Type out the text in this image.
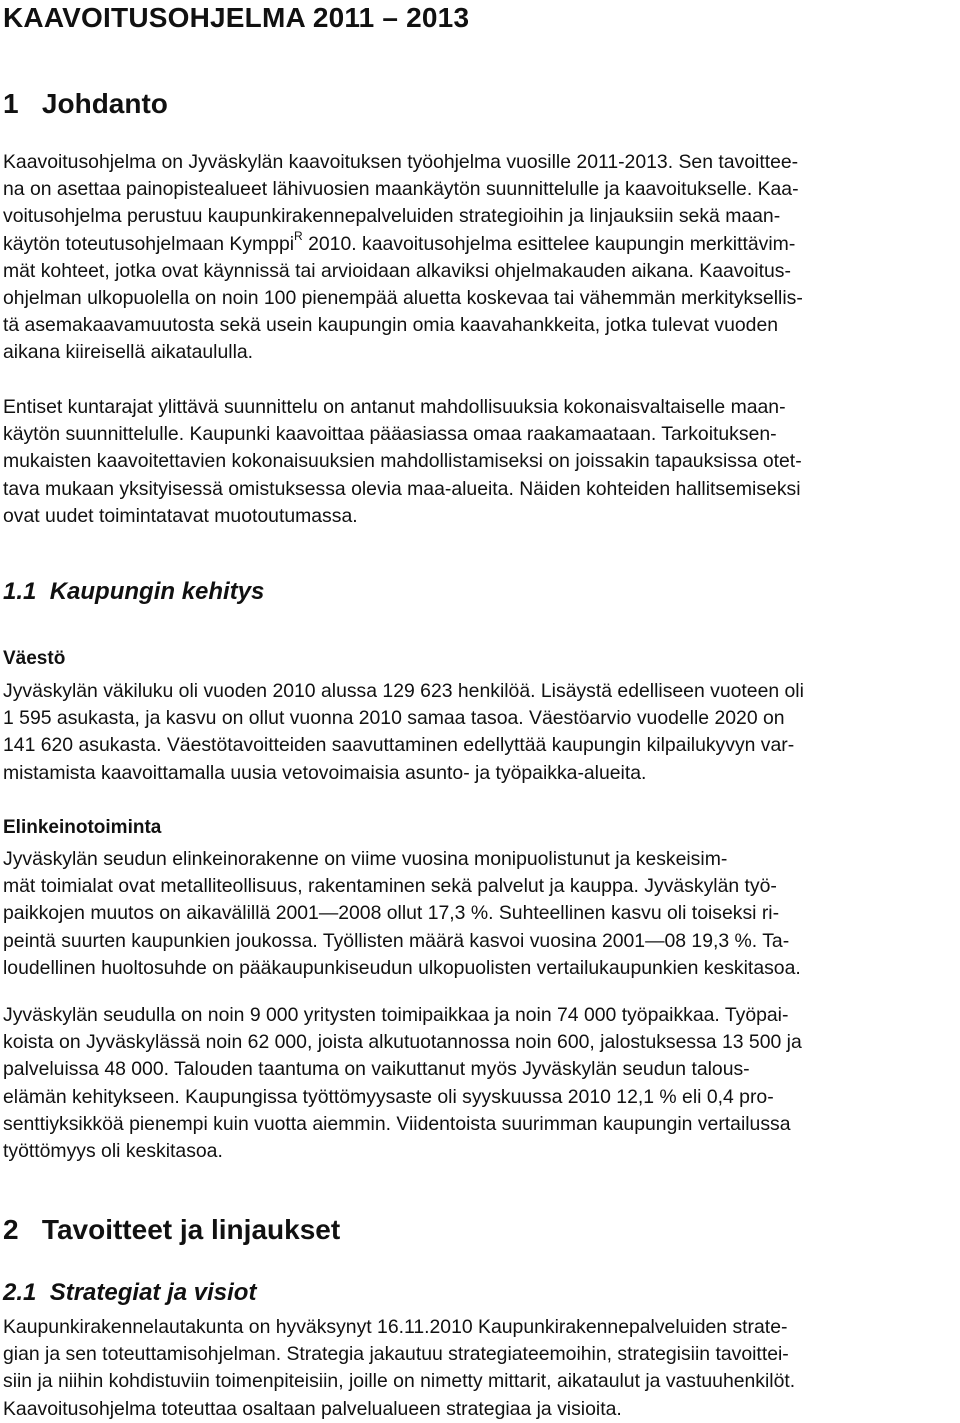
KAAVOITUSOHJELMA 2011 – 2013
1 Johdanto

Kaavoitusohjelma on Jyväskylän kaavoituksen työohjelma vuosille 2011-2013. Sen tavoittee-
na on asettaa painopistealueet lähivuosien maankäytön suunnittelulle ja kaavoitukselle. Kaa-
voitusohjelma perustuu kaupunkirakennepalveluiden strategioihin ja linjauksiin sekä maan-
käytön toteutusohjelmaan Kymppi$^R$ 2010. kaavoitusohjelma esittelee kaupungin merkittävim-
mät kohteet, jotka ovat käynnissä tai arvioidaan alkaviksi ohjelmakauden aikana. Kaavoitus-
ohjelman ulkopuolella on noin 100 pienempää aluetta koskevaa tai vähemmän merkityksellis-
tä asemakaavamuutosta sekä usein kaupungin omia kaavahankkeita, jotka tulevat vuoden
aikana kiireisellä aikataululla.

Entiset kuntarajat ylittävä suunnittelu on antanut mahdollisuuksia kokonaisvaltaiselle maan-
käytön suunnittelulle. Kaupunki kaavoittaa pääasiassa omaa raakamaataan. Tarkoituksen-
mukaisten kaavoitettavien kokonaisuuksien mahdollistamiseksi on joissakin tapauksissa otet-
tava mukaan yksityisessä omistuksessa olevia maa-alueita. Näiden kohteiden hallitsemiseksi
ovat uudet toimintatavat muotoutumassa.

1.1 Kaupungin kehitys
Väestö

Jyväskylän väkiluku oli vuoden 2010 alussa 129 623 henkilöä. Lisäystä edelliseen vuoteen oli
1 595 asukasta, ja kasvu on ollut vuonna 2010 samaa tasoa. Väestöarvio vuodelle 2020 on
141 620 asukasta. Väestötavoitteiden saavuttaminen edellyttää kaupungin kilpailukyvyn var-
mistamista kaavoittamalla uusia vetovoimaisia asunto- ja työpaikka-alueita.

Elinkeinotoiminta

Jyväskylän seudun elinkeinorakenne on viime vuosina monipuolistunut ja keskeisim-
mät toimialat ovat metalliteollisuus, rakentaminen sekä palvelut ja kauppa. Jyväskylän työ-
paikkojen muutos on aikavälillä 2001—2008 ollut 17,3 %. Suhteellinen kasvu oli toiseksi ri-
peintä suurten kaupunkien joukossa. Työllisten määrä kasvoi vuosina 2001—08 19,3 %. Ta-
loudellinen huoltosuhde on pääkaupunkiseudun ulkopuolisten vertailukaupunkien keskitasoa.

Jyväskylän seudulla on noin 9 000 yritysten toimipaikkaa ja noin 74 000 työpaikkaa. Työpai-
koista on Jyväskylässä noin 62 000, joista alkutuotannossa noin 600, jalostuksessa 13 500 ja
palveluissa 48 000. Talouden taantuma on vaikuttanut myös Jyväskylän seudun talous-
elämän kehitykseen. Kaupungissa työttömyysaste oli syyskuussa 2010 12,1 % eli 0,4 pro-
senttiyksikköä pienempi kuin vuotta aiemmin. Viidentoista suurimman kaupungin vertailussa
työttömyys oli keskitasoa.

2 Tavoitteet ja linjaukset
2.1 Strategiat ja visiot

Kaupunkirakennelautakunta on hyväksynyt 16.11.2010 Kaupunkirakennepalveluiden strate-
gian ja sen toteuttamisohjelman. Strategia jakautuu strategiateemoihin, strategisiin tavoittei-
siin ja niihin kohdistuviin toimenpiteisiin, joille on nimetty mittarit, aikataulut ja vastuuhenkilöt.
Kaavoitusohjelma toteuttaa osaltaan palvelualueen strategiaa ja visioita.
